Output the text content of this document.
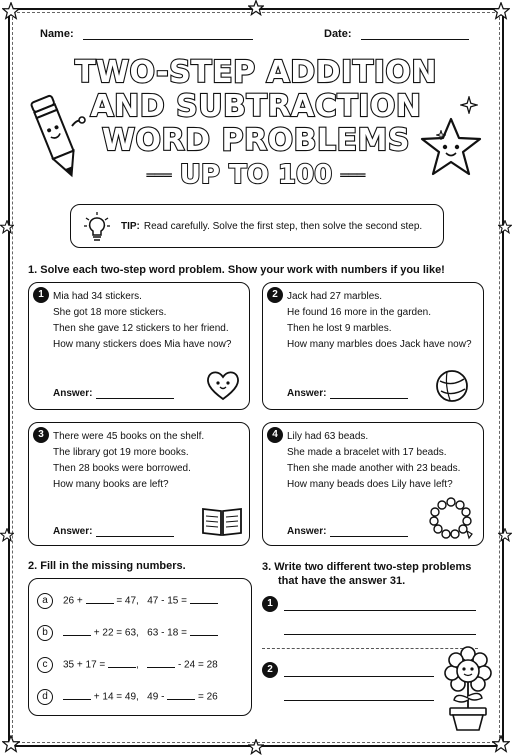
Name:	Date:
TWO-STEP ADDITION
AND SUBTRACTION
WORD PROBLEMS
═══ UP TO 100 ═══
TIP: Read carefully. Solve the first step, then solve the second step.
1. Solve each two-step word problem. Show your work with numbers if you like!
1 Mia had 34 stickers.
She got 18 more stickers.
Then she gave 12 stickers to her friend.
How many stickers does Mia have now?
Answer:
2 Jack had 27 marbles.
He found 16 more in the garden.
Then he lost 9 marbles.
How many marbles does Jack have now?
Answer:
3 There were 45 books on the shelf.
The library got 19 more books.
Then 28 books were borrowed.
How many books are left?
Answer:
4 Lily had 63 beads.
She made a bracelet with 17 beads.
Then she made another with 23 beads.
How many beads does Lily have left?
Answer:
2. Fill in the missing numbers.
a 26 +	= 47, 47 - 15 =
b	+ 22 = 63, 63 - 18 =
c 35 + 17 =	,	- 24 = 28
d	+ 14 = 49, 49 -	= 26
3. Write two different two-step problems
that have the answer 31.
1
2
